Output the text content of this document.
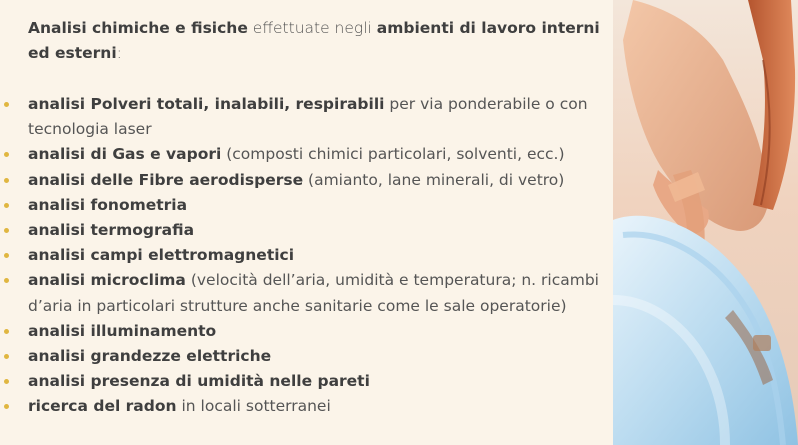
Analisi chimiche e fisiche effettuate negli ambienti di lavoro interni ed esterni:

analisi Polveri totali, inalabili, respirabili per via ponderabile o con tecnologia laser
analisi di Gas e vapori (composti chimici particolari, solventi, ecc.)
analisi delle Fibre aerodisperse (amianto, lane minerali, di vetro)
analisi fonometria
analisi termografia
analisi campi elettromagnetici
analisi microclima (velocità dell’aria, umidità e temperatura; n. ricambi d’aria in particolari strutture anche sanitarie come le sale operatorie)
analisi illuminamento
analisi grandezze elettriche
analisi presenza di umidità nelle pareti
ricerca del radon in locali sotterranei
